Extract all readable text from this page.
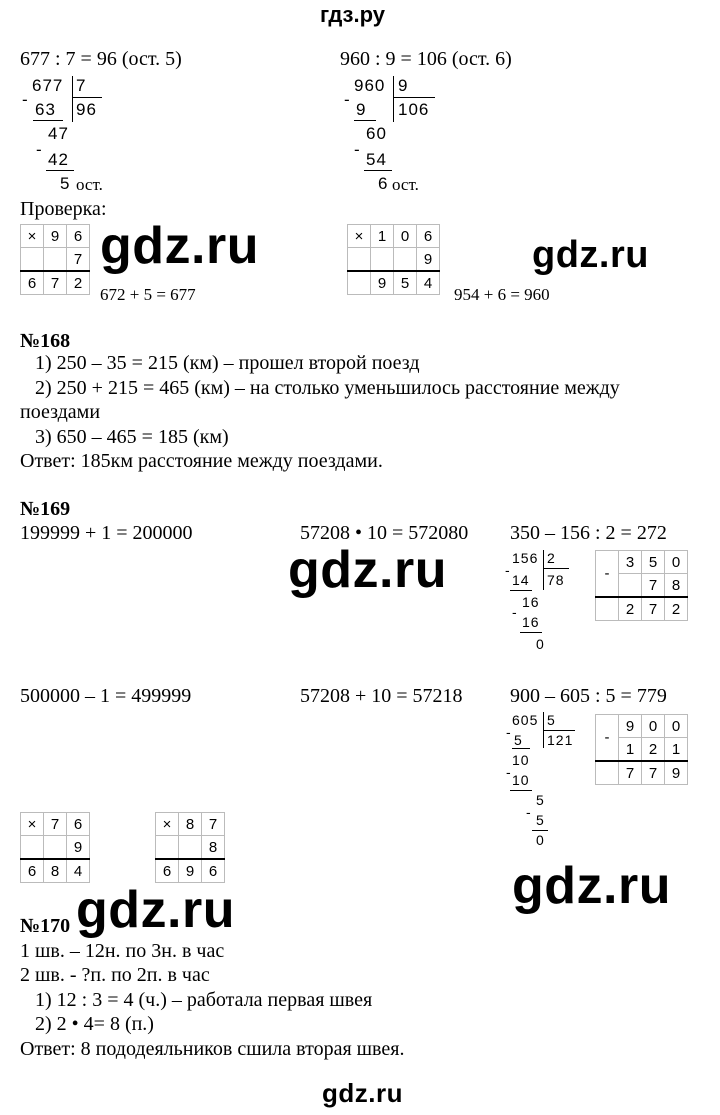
гдз.ру
677 : 7 = 96 (ост. 5)	960 : 9 = 106 (ост. 6)
677 7
-
63 96
47
-
42
5 ост.
960 9
-
9 106
60
-
54
6 ост.
Проверка:
×	9	6
		7
6	7	2
672 + 5 = 677
gdz.ru	×	1	0	6
			9
	9	5	4
954 + 6 = 960
gdz.ru
№168
1) 250 – 35 = 215 (км) – прошел второй поезд
2) 250 + 215 = 465 (км) – на столько уменьшилось расстояние между
поездами
3) 650 – 465 = 185 (км)
Ответ: 185км расстояние между поездами.
№169
199999 + 1 = 200000	57208 • 10 = 572080 350 – 156 : 2 = 272
gdz.ru	156 2
-
14 78
16
-
16
0
-	3	5	0
		7	8
	2	7	2
500000 – 1 = 499999	57208 + 10 = 57218 900 – 605 : 5 = 779
605 5
- 5 121
10
- 10
5
- 5
0
-	9	0	0
	1	2	1
	7	7	9
×	7	6
		9
6	8	4
×	8	7
		8
6	9	6	gdz.ru
gdz.ru
№170
1 шв. – 12н. по 3н. в час
2 шв. - ?п. по 2п. в час
1) 12 : 3 = 4 (ч.) – работала первая швея
2) 2 • 4= 8 (п.)
Ответ: 8 пододеяльников сшила вторая швея.
gdz.ru
